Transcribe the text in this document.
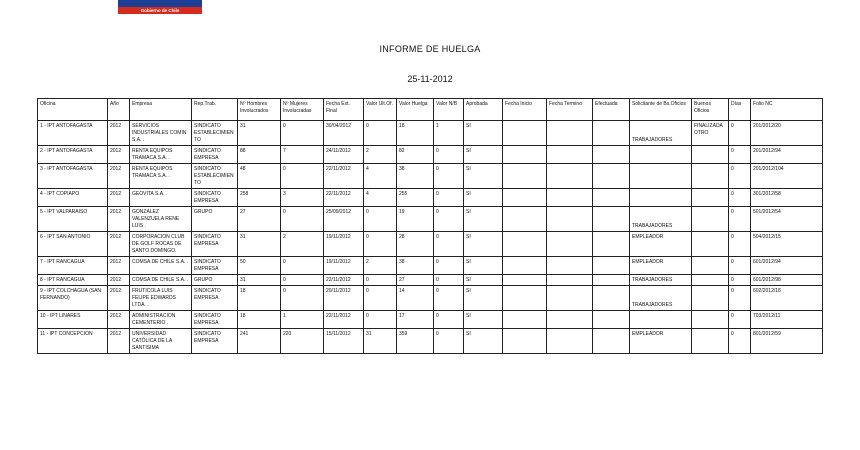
Gobierno de Chile
INFORME DE HUELGA
25-11-2012
Oficina	Año	Empresa	Rep.Trab.	Nº Hombres Involucrados	Nº Mujeres Involucradas	Fecha Ext. Final	Valor Ult.Of.	Valor Huelga	Valor N/B	Aprobada	Fecha Inicio	Fecha Termino	Efectuada	Solicitante de Bs.Oficios	Buenos Oficios	Días	Folio NC
1 - IPT ANTOFAGASTA	2012	SERVICIOS INDUSTRIALES COMIN S.A. .	SINDICATO ESTABLECIMIENTO	31	0	30/04/2012	0	18	1	SI				TRABAJADORES	FINALIZADA OTRO	0	201/2012/20
2 - IPT ANTOFAGASTA	2012	RENTA EQUIPOS TRAMACA S.A. .	SINDICATO EMPRESA	88	7	24/11/2012	2	82	0	SI						0	201/2012/94
3 - IPT ANTOFAGASTA	2012	RENTA EQUIPOS TRAMACA S.A. .	SINDICATO ESTABLECIMIENTO	48	0	22/11/2012	4	38	0	SI						0	201/2012/104
4 - IPT COPIAPO	2012	GEOVITA S.A. .	SINDICATO EMPRESA	258	3	22/11/2012	4	255	0	SI						0	301/2012/58
5 - IPT VALPARAISO	2012	GONZALEZ VALENZUELA RENE LUIS .	GRUPO	27	0	25/09/2012	0	19	0	SI				TRABAJADORES		0	501/2012/54
6 - IPT SAN ANTONIO	2012	CORPORACION CLUB DE GOLF ROCAS DE SANTO DOMINGO.	SINDICATO EMPRESA	31	2	19/11/2012	0	28	0	SI				EMPLEADOR		0	504/2012/15
7 - IPT RANCAGUA	2012	COMSA DE CHILE S.A. .	SINDICATO EMPRESA	50	0	19/11/2012	2	38	0	SI				EMPLEADOR		0	601/2012/94
8 - IPT RANCAGUA	2012	COMSA DE CHILE S.A. .	GRUPO	31	0	22/11/2012	0	27	0	SI				TRABAJADORES		0	601/2012/98
9 - IPT COLCHAGUA (SAN FERNANDO)	2012	FRUTICOLA LUIS FELIPE EDWARDS LTDA. .	SINDICATO EMPRESA	18	0	20/11/2012	0	14	0	SI				TRABAJADORES		0	602/2012/18
10 - IPT LINARES	2012	ADMINISTRACION CEMENTERIO .	SINDICATO EMPRESA	18	1	22/11/2012	0	17	0	SI						0	703/2012/11
11 - IPT CONCEPCION	2012	UNIVERSIDAD CATÓLICA DE LA SANTISIMA	SINDICATO EMPRESA	241	220	15/11/2012	31	359	0	SI				EMPLEADOR		0	801/2012/59
